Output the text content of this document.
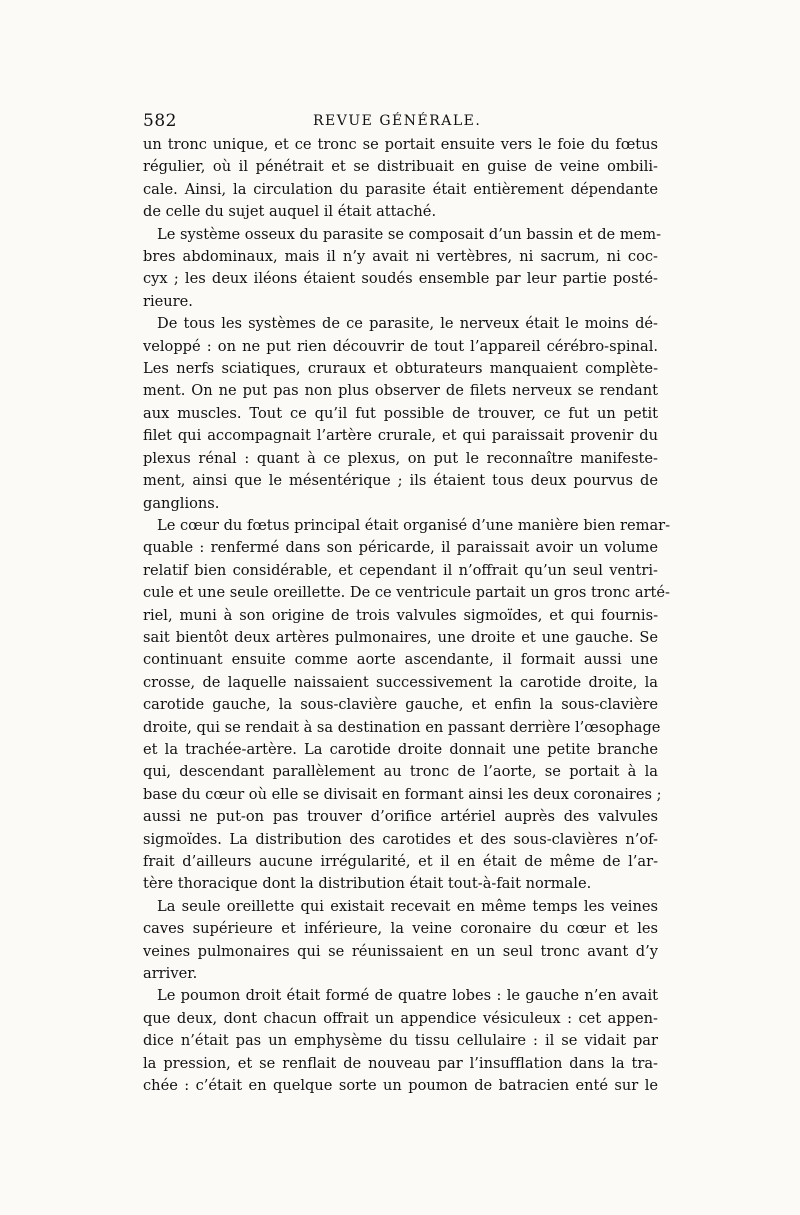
582	REVUE GÉNÉRALE.
un tronc unique, et ce tronc se portait ensuite vers le foie du fœtus
régulier, où il pénétrait et se distribuait en guise de veine ombili-
cale. Ainsi, la circulation du parasite était entièrement dépendante
de celle du sujet auquel il était attaché.
Le système osseux du parasite se composait d’un bassin et de mem-
bres abdominaux, mais il n’y avait ni vertèbres, ni sacrum, ni coc-
cyx ; les deux iléons étaient soudés ensemble par leur partie posté-
rieure.
De tous les systèmes de ce parasite, le nerveux était le moins dé-
veloppé : on ne put rien découvrir de tout l’appareil cérébro-spinal.
Les nerfs sciatiques, cruraux et obturateurs manquaient complète-
ment. On ne put pas non plus observer de filets nerveux se rendant
aux muscles. Tout ce qu’il fut possible de trouver, ce fut un petit
filet qui accompagnait l’artère crurale, et qui paraissait provenir du
plexus rénal : quant à ce plexus, on put le reconnaître manifeste-
ment, ainsi que le mésentérique ; ils étaient tous deux pourvus de
ganglions.
Le cœur du fœtus principal était organisé d’une manière bien remar-
quable : renfermé dans son péricarde, il paraissait avoir un volume
relatif bien considérable, et cependant il n’offrait qu’un seul ventri-
cule et une seule oreillette. De ce ventricule partait un gros tronc arté-
riel, muni à son origine de trois valvules sigmoïdes, et qui fournis-
sait bientôt deux artères pulmonaires, une droite et une gauche. Se
continuant ensuite comme aorte ascendante, il formait aussi une
crosse, de laquelle naissaient successivement la carotide droite, la
carotide gauche, la sous-clavière gauche, et enfin la sous-clavière
droite, qui se rendait à sa destination en passant derrière l’œsophage
et la trachée-artère. La carotide droite donnait une petite branche
qui, descendant parallèlement au tronc de l’aorte, se portait à la
base du cœur où elle se divisait en formant ainsi les deux coronaires ;
aussi ne put-on pas trouver d’orifice artériel auprès des valvules
sigmoïdes. La distribution des carotides et des sous-clavières n’of-
frait d’ailleurs aucune irrégularité, et il en était de même de l’ar-
tère thoracique dont la distribution était tout-à-fait normale.
La seule oreillette qui existait recevait en même temps les veines
caves supérieure et inférieure, la veine coronaire du cœur et les
veines pulmonaires qui se réunissaient en un seul tronc avant d’y
arriver.
Le poumon droit était formé de quatre lobes : le gauche n’en avait
que deux, dont chacun offrait un appendice vésiculeux : cet appen-
dice n’était pas un emphysème du tissu cellulaire : il se vidait par
la pression, et se renflait de nouveau par l’insufflation dans la tra-
chée : c’était en quelque sorte un poumon de batracien enté sur le
